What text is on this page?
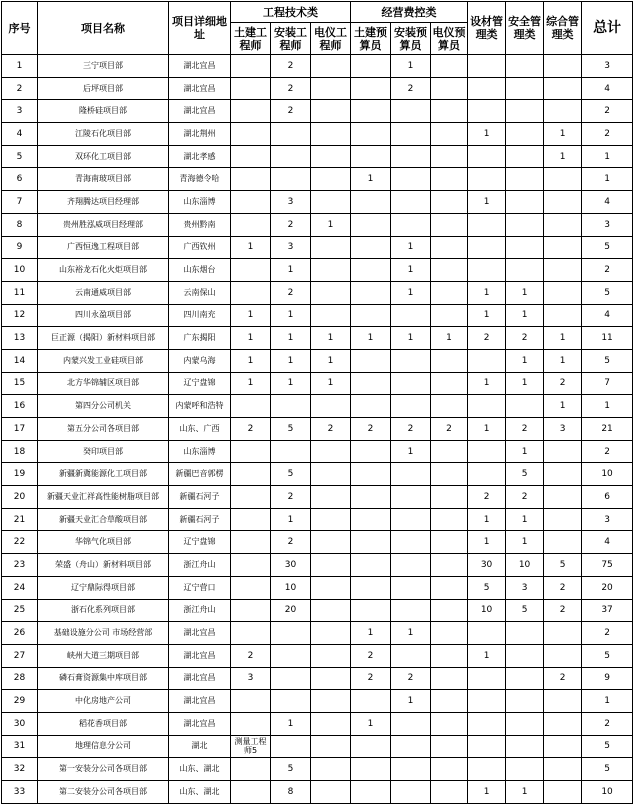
序号	项目名称	项目详细地址	工程技术类			经营费控类			设材管理类	安全管理类	综合管理类	总计
			土建工程师	安装工程师	电仪工程师	土建预算员	安装预算员	电仪预算员				
1	三宁项目部	湖北宜昌		2			1					3
2	后坪项目部	湖北宜昌		2			2					4
3	隆桥硅项目部	湖北宜昌		2								2
4	江陵石化项目部	湖北荆州							1		1	2
5	双环化工项目部	湖北孝感									1	1
6	青海南玻项目部	青海德令哈				1						1
7	齐翔腾达项目经理部	山东淄博		3					1			4
8	贵州胜泓威项目经理部	贵州黔南		2	1							3
9	广西恒逸工程项目部	广西钦州	1	3			1					5
10	山东裕龙石化火炬项目部	山东烟台		1			1					2
11	云南通威项目部	云南保山		2			1		1	1		5
12	四川永盈项目部	四川南充	1	1					1	1		4
13	巨正源（揭阳）新材料项目部	广东揭阳	1	1	1	1	1	1	2	2	1	11
14	内蒙兴发工业硅项目部	内蒙乌海	1	1	1					1	1	5
15	北方华锦辅区项目部	辽宁盘锦	1	1	1				1	1	2	7
16	第四分公司机关	内蒙呼和浩特									1	1
17	第五分公司各项目部	山东、广西	2	5	2	2	2	2	1	2	3	21
18	癸印项目部	山东淄博					1			1		2
19	新疆新冀能源化工项目部	新疆巴音郭楞		5						5		10
20	新疆天业汇祥高性能树脂项目部	新疆石河子		2					2	2		6
21	新疆天业汇合草酸项目部	新疆石河子		1					1	1		3
22	华锦气化项目部	辽宁盘锦		2					1	1		4
23	荣盛（舟山）新材料项目部	浙江舟山		30					30	10	5	75
24	辽宁鼎际得项目部	辽宁营口		10					5	3	2	20
25	浙石化系列项目部	浙江舟山		20					10	5	2	37
26	基础设施分公司 市场经营部	湖北宜昌				1	1					2
27	峡州大道三期项目部	湖北宜昌	2			2			1			5
28	磷石膏资源集中库项目部	湖北宜昌	3			2	2				2	9
29	中化房地产公司	湖北宜昌					1					1
30	稻花香项目部	湖北宜昌		1		1						2
31	地理信息分公司	湖北	测量工程师5									5
32	第一安装分公司各项目部	山东、湖北		5								5
33	第二安装分公司各项目部	山东、湖北		8					1	1		10
